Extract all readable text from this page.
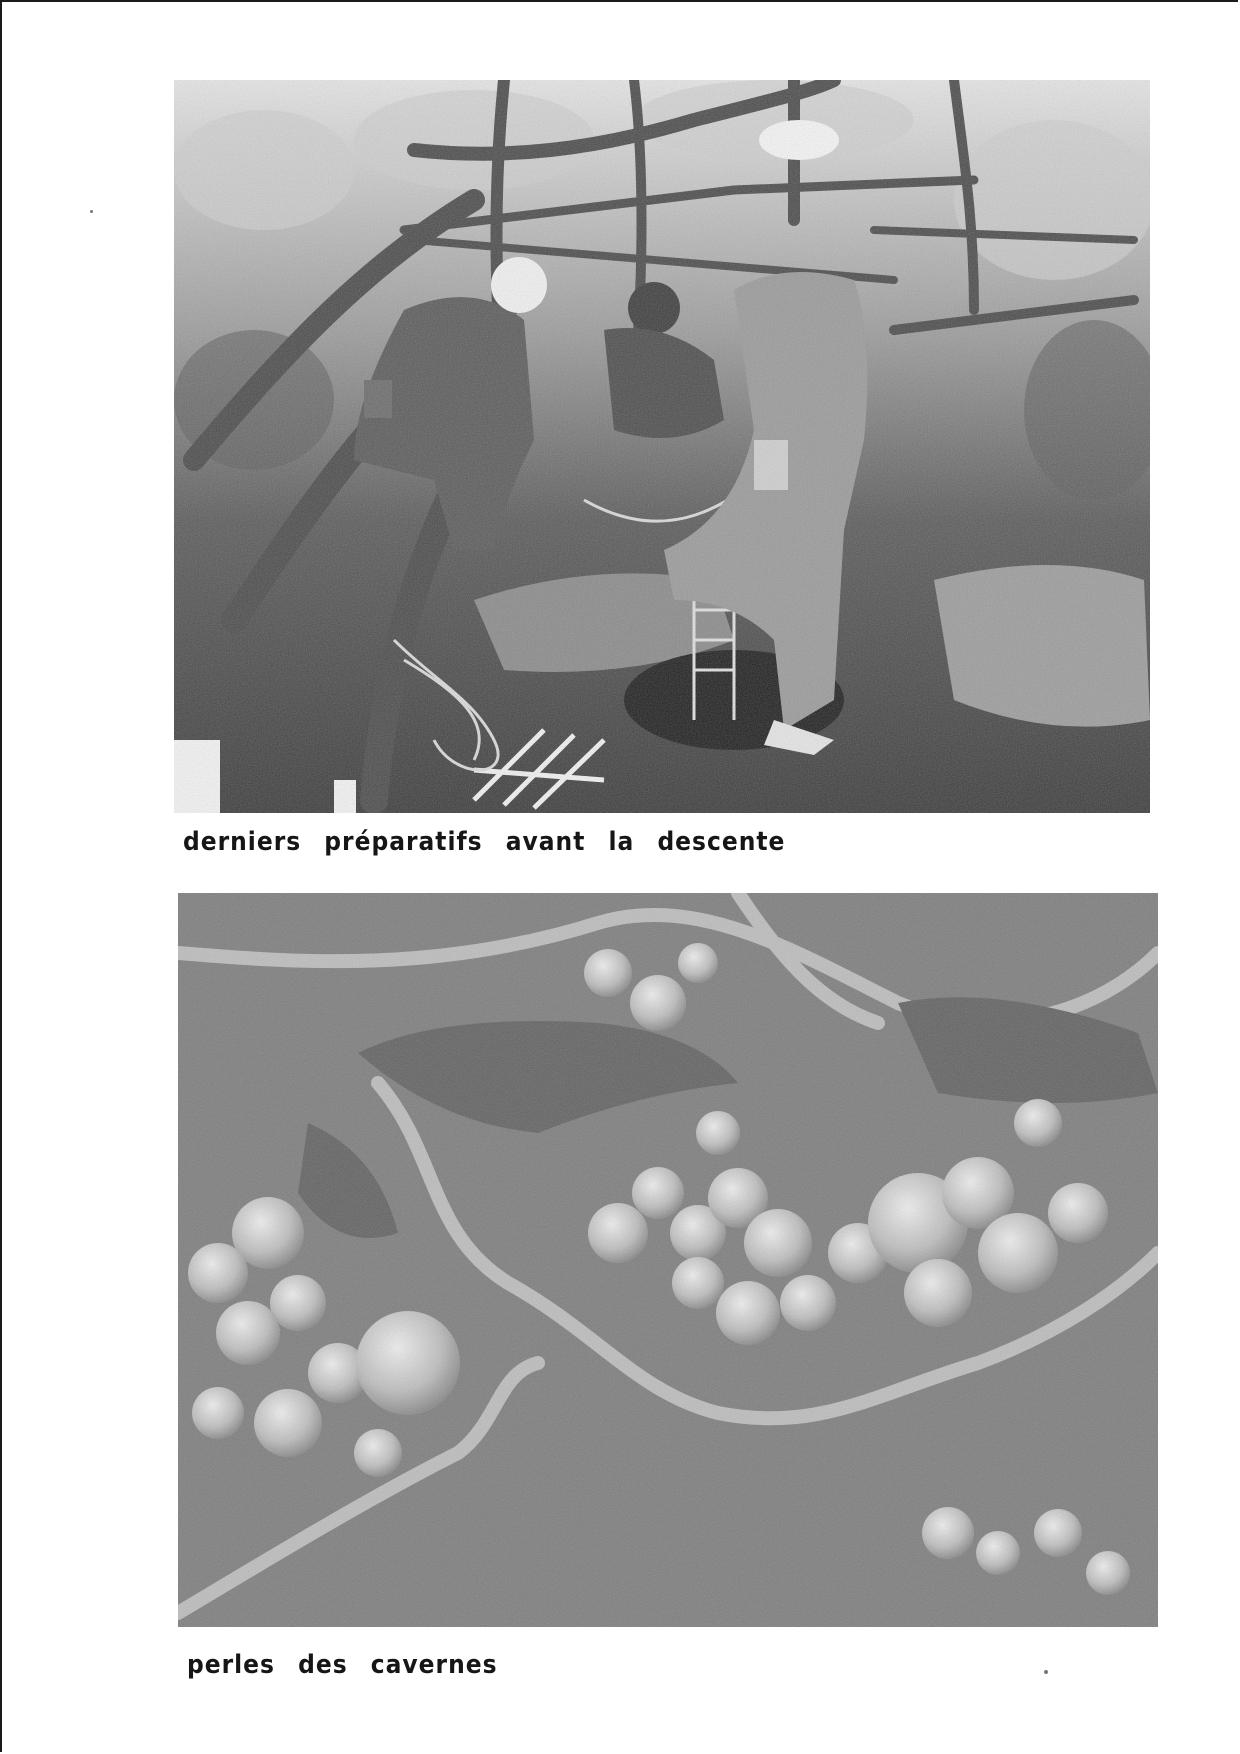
derniers préparatifs avant la descente
perles des cavernes
